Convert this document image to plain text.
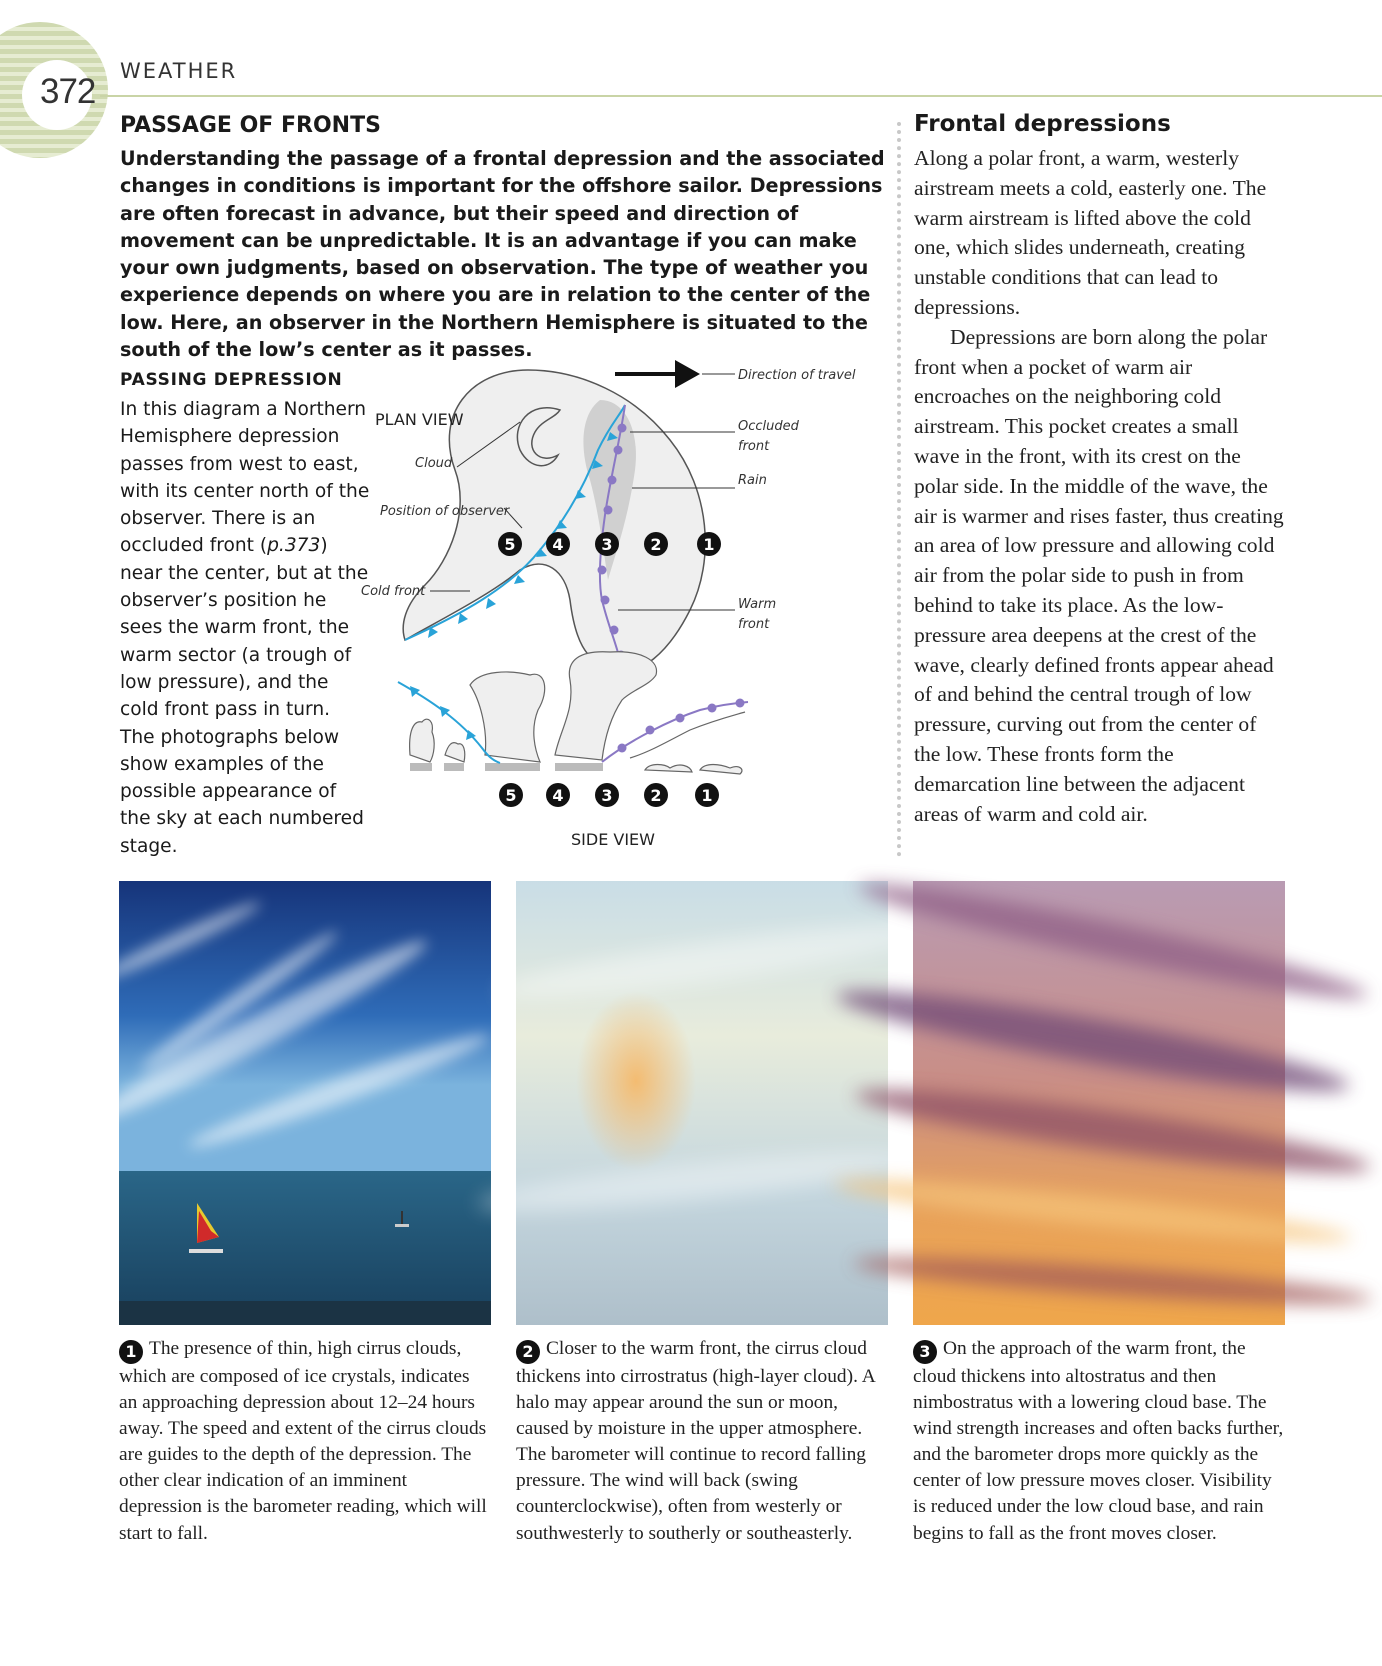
372
WEATHER
PASSAGE OF FRONTS
Understanding the passage of a frontal depression and the associated changes in conditions is important for the offshore sailor. Depressions are often forecast in advance, but their speed and direction of movement can be unpredictable. It is an advantage if you can make your own judgments, based on observation. The type of weather you experience depends on where you are in relation to the center of the low. Here, an observer in the Northern Hemisphere is situated to the south of the low’s center as it passes.
PASSING DEPRESSION
In this diagram a Northern Hemisphere depression passes from west to east, with its center north of the observer. There is an occluded front (p.373) near the center, but at the observer’s position he sees the warm front, the warm sector (a trough of low pressure), and the cold front pass in turn. The photographs below show examples of the possible appearance of the sky at each numbered stage.
PLAN VIEW
Direction of travel
Occluded
front
Rain
Cloud
Position of observer
Cold front
Warm
front
5 4 3 2	1
5 4 3 2 1
SIDE VIEW
Frontal depressions

Along a polar front, a warm, westerly airstream meets a cold, easterly one. The warm airstream is lifted above the cold one, which slides underneath, creating unstable conditions that can lead to depressions.

Depressions are born along the polar front when a pocket of warm air encroaches on the neighboring cold airstream. This pocket creates a small wave in the front, with its crest on the polar side. In the middle of the wave, the air is warmer and rises faster, thus creating an area of low pressure and allowing cold air from the polar side to push in from behind to take its place. As the low-pressure area deepens at the crest of the wave, clearly defined fronts appear ahead of and behind the central trough of low pressure, curving out from the center of the low. These fronts form the demarcation line between the adjacent areas of warm and cold air.

1 The presence of thin, high cirrus clouds, which are composed of ice crystals, indicates an approaching depression about 12–24 hours away. The speed and extent of the cirrus clouds are guides to the depth of the depression. The other clear indication of an imminent depression is the barometer reading, which will start to fall.
2 Closer to the warm front, the cirrus cloud thickens into cirrostratus (high-layer cloud). A halo may appear around the sun or moon, caused by moisture in the upper atmosphere. The barometer will continue to record falling pressure. The wind will back (swing counterclockwise), often from westerly or southwesterly to southerly or southeasterly.
3 On the approach of the warm front, the cloud thickens into altostratus and then nimbostratus with a lowering cloud base. The wind strength increases and often backs further, and the barometer drops more quickly as the center of low pressure moves closer. Visibility is reduced under the low cloud base, and rain begins to fall as the front moves closer.
